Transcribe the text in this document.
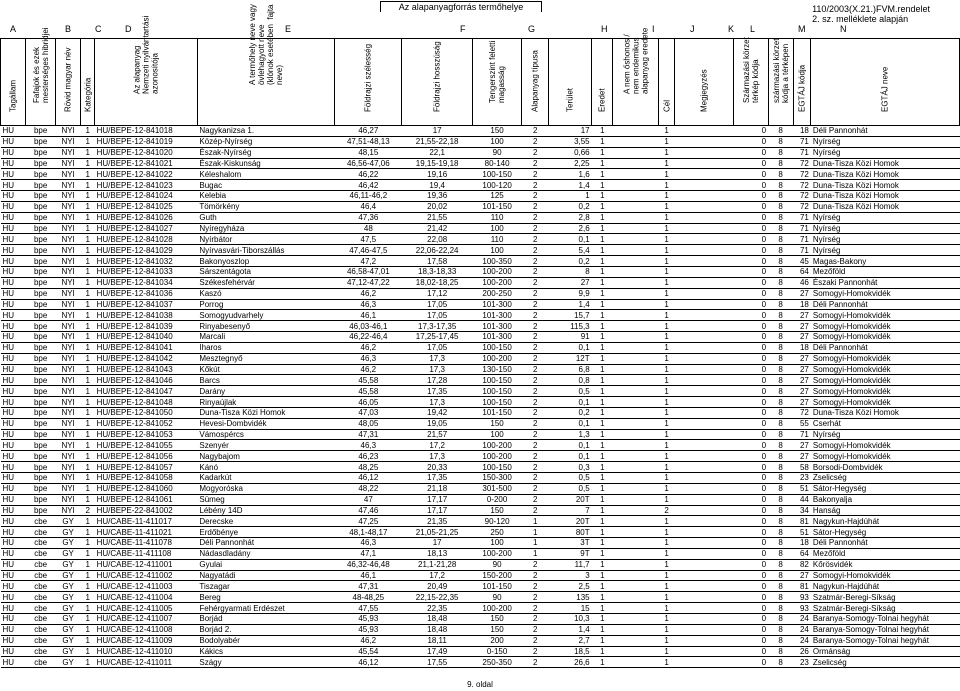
Az alapanyagforrás termőhelye	110/2003(X.21.)FVM.rendelet
2. sz. melléklete alapján
A	B	C	D	E	F	G	H	I	J	K L	M	N
Tagállam	Fafajok és ezek
mesterséges hibridjei	Rövid magyar név	Kategória	Az alapanyag
Nemzeti nyilvántartási
azonosítója	A termőhely neve vagy
övlehagyott neve
(klónok esetében  fajta
neve)	Földrajzi szélesség	Földrajzi hosszúság	Tengerszint feletti
magasság	Alapanyag típusa	Terület	Eredet	A nem őshonos /
nem endemikus
alapanyag eredete	Cél	Megjegyzés	Származási körzet
térkép kódja	származási körzet
kódja a térképen	EGTÁJ kódja	EGTÁJ neve

HU	bpe	NYI	1	HU/BEPE-12-841018	Nagykanizsa 1.	46,27	17	150	2	17	1		1		0	8	18	Déli Pannonhát
HU	bpe	NYI	1	HU/BEPE-12-841019	Közép-Nyírség	47,51-48,13	21,55-22,18	100	2	3,55	1		1		0	8	71	Nyírség
HU	bpe	NYI	1	HU/BEPE-12-841020	Észak-Nyírség	48,15	22,1	90	2	0,66	1		1		0	8	71	Nyírség
HU	bpe	NYI	1	HU/BEPE-12-841021	Észak-Kiskunság	46,56-47,06	19,15-19,18	80-140	2	2,25	1		1		0	8	72	Duna-Tisza Közi Homok
HU	bpe	NYI	1	HU/BEPE-12-841022	Kéleshalom	46,22	19,16	100-150	2	1,6	1		1		0	8	72	Duna-Tisza Közi Homok
HU	bpe	NYI	1	HU/BEPE-12-841023	Bugac	46,42	19,4	100-120	2	1,4	1		1		0	8	72	Duna-Tisza Közi Homok
HU	bpe	NYI	1	HU/BEPE-12-841024	Kelebia	46,11-46,2	19,36	125	2	1	1		1		0	8	72	Duna-Tisza Közi Homok
HU	bpe	NYI	1	HU/BEPE-12-841025	Tömörkény	46,4	20,02	101-150	2	0,2	1		1		0	8	72	Duna-Tisza Közi Homok
HU	bpe	NYI	1	HU/BEPE-12-841026	Guth	47,36	21,55	110	2	2,8	1		1		0	8	71	Nyírség
HU	bpe	NYI	1	HU/BEPE-12-841027	Nyíregyháza	48	21,42	100	2	2,6	1		1		0	8	71	Nyírség
HU	bpe	NYI	1	HU/BEPE-12-841028	Nyírbátor	47,5	22,08	110	2	0,1	1		1		0	8	71	Nyírség
HU	bpe	NYI	1	HU/BEPE-12-841029	Nyírvasvári-Tiborszállás	47,46-47,5	22,06-22,24	100	2	5,4	1		1		0	8	71	Nyírség
HU	bpe	NYI	1	HU/BEPE-12-841032	Bakonyoszlop	47,2	17,58	100-350	2	0,2	1		1		0	8	45	Magas-Bakony
HU	bpe	NYI	1	HU/BEPE-12-841033	Sárszentágota	46,58-47,01	18,3-18,33	100-200	2	8	1		1		0	8	64	Mezőföld
HU	bpe	NYI	1	HU/BEPE-12-841034	Székesfehérvár	47,12-47,22	18,02-18,25	100-200	2	27	1		1		0	8	46	Északi Pannonhát
HU	bpe	NYI	1	HU/BEPE-12-841036	Kaszó	46,2	17,12	200-250	2	9,9	1		1		0	8	27	Somogyi-Homokvidék
HU	bpe	NYI	1	HU/BEPE-12-841037	Porrog	46,3	17,05	101-300	2	1,4	1		1		0	8	18	Déli Pannonhát
HU	bpe	NYI	1	HU/BEPE-12-841038	Somogyudvarhely	46,1	17,05	101-300	2	15,7	1		1		0	8	27	Somogyi-Homokvidék
HU	bpe	NYI	1	HU/BEPE-12-841039	Rinyabesenyő	46,03-46,1	17,3-17,35	101-300	2	115,3	1		1		0	8	27	Somogyi-Homokvidék
HU	bpe	NYI	1	HU/BEPE-12-841040	Marcali	46,22-46,4	17,25-17,45	101-300	2	91	1		1		0	8	27	Somogyi-Homokvidék
HU	bpe	NYI	1	HU/BEPE-12-841041	Iharos	46,2	17,05	100-150	2	0,1	1		1		0	8	18	Déli Pannonhát
HU	bpe	NYI	1	HU/BEPE-12-841042	Mesztegnyő	46,3	17,3	100-200	2	12T	1		1		0	8	27	Somogyi-Homokvidék
HU	bpe	NYI	1	HU/BEPE-12-841043	Kőkút	46,2	17,3	130-150	2	6,8	1		1		0	8	27	Somogyi-Homokvidék
HU	bpe	NYI	1	HU/BEPE-12-841046	Barcs	45,58	17,28	100-150	2	0,8	1		1		0	8	27	Somogyi-Homokvidék
HU	bpe	NYI	1	HU/BEPE-12-841047	Darány	45,58	17,35	100-150	2	0,5	1		1		0	8	27	Somogyi-Homokvidék
HU	bpe	NYI	1	HU/BEPE-12-841048	Rinyaújlak	46,05	17,3	100-150	2	0,1	1		1		0	8	27	Somogyi-Homokvidék
HU	bpe	NYI	1	HU/BEPE-12-841050	Duna-Tisza Közi Homok	47,03	19,42	101-150	2	0,2	1		1		0	8	72	Duna-Tisza Közi Homok
HU	bpe	NYI	1	HU/BEPE-12-841052	Hevesi-Dombvidék	48,05	19,05	150	2	0,1	1		1		0	8	55	Cserhát
HU	bpe	NYI	1	HU/BEPE-12-841053	Vámospércs	47,31	21,57	100	2	1,3	1		1		0	8	71	Nyírség
HU	bpe	NYI	1	HU/BEPE-12-841055	Szenyér	46,3	17,2	100-200	2	0,1	1		1		0	8	27	Somogyi-Homokvidék
HU	bpe	NYI	1	HU/BEPE-12-841056	Nagybajom	46,23	17,3	100-200	2	0,1	1		1		0	8	27	Somogyi-Homokvidék
HU	bpe	NYI	1	HU/BEPE-12-841057	Kánó	48,25	20,33	100-150	2	0,3	1		1		0	8	58	Borsodi-Dombvidék
HU	bpe	NYI	1	HU/BEPE-12-841058	Kadarkút	46,12	17,35	150-300	2	0,5	1		1		0	8	23	Zselicség
HU	bpe	NYI	1	HU/BEPE-12-841060	Mogyoróska	48,22	21,18	301-500	2	0,5	1		1		0	8	51	Sátor-Hegység
HU	bpe	NYI	1	HU/BEPE-12-841061	Sümeg	47	17,17	0-200	2	20T	1		1		0	8	44	Bakonyalja
HU	bpe	NYI	2	HU/BEPE-22-841002	Lébény 14D	47,46	17,17	150	2	7	1		2		0	8	34	Hanság
HU	cbe	GY	1	HU/CABE-11-411017	Derecske	47,25	21,35	90-120	1	20T	1		1		0	8	81	Nagykun-Hajdúhát
HU	cbe	GY	1	HU/CABE-11-411021	Erdőbénye	48,1-48,17	21,05-21,25	250	1	80T	1		1		0	8	51	Sátor-Hegység
HU	cbe	GY	1	HU/CABE-11-411078	Déli Pannonhát	46,3	17	100	1	3T	1		1		0	8	18	Déli Pannonhát
HU	cbe	GY	1	HU/CABE-11-411108	Nádasdladány	47,1	18,13	100-200	1	9T	1		1		0	8	64	Mezőföld
HU	cbe	GY	1	HU/CABE-12-411001	Gyulai	46,32-46,48	21,1-21,28	90	2	11,7	1		1		0	8	82	Kőrösvidék
HU	cbe	GY	1	HU/CABE-12-411002	Nagyatádi	46,1	17,2	150-200	2	3	1		1		0	8	27	Somogyi-Homokvidék
HU	cbe	GY	1	HU/CABE-12-411003	Tiszagar	47,31	20,49	101-150	2	2,5	1		1		0	8	81	Nagykun-Hajdúhát
HU	cbe	GY	1	HU/CABE-12-411004	Bereg	48-48,25	22,15-22,35	90	2	135	1		1		0	8	93	Szatmár-Beregi-Síkság
HU	cbe	GY	1	HU/CABE-12-411005	Fehérgyarmati Erdészet	47,55	22,35	100-200	2	15	1		1		0	8	93	Szatmár-Beregi-Síkság
HU	cbe	GY	1	HU/CABE-12-411007	Borjád	45,93	18,48	150	2	10,3	1		1		0	8	24	Baranya-Somogy-Tolnai hegyhát
HU	cbe	GY	1	HU/CABE-12-411008	Borjád 2.	45,93	18,48	150	2	1,4	1		1		0	8	24	Baranya-Somogy-Tolnai hegyhát
HU	cbe	GY	1	HU/CABE-12-411009	Bodolyabér	46,2	18,11	200	2	2,7	1		1		0	8	24	Baranya-Somogy-Tolnai hegyhát
HU	cbe	GY	1	HU/CABE-12-411010	Kákics	45,54	17,49	0-150	2	18,5	1		1		0	8	26	Ormánság
HU	cbe	GY	1	HU/CABE-12-411011	Szágy	46,12	17,55	250-350	2	26,6	1		1		0	8	23	Zselicség
9. oldal
